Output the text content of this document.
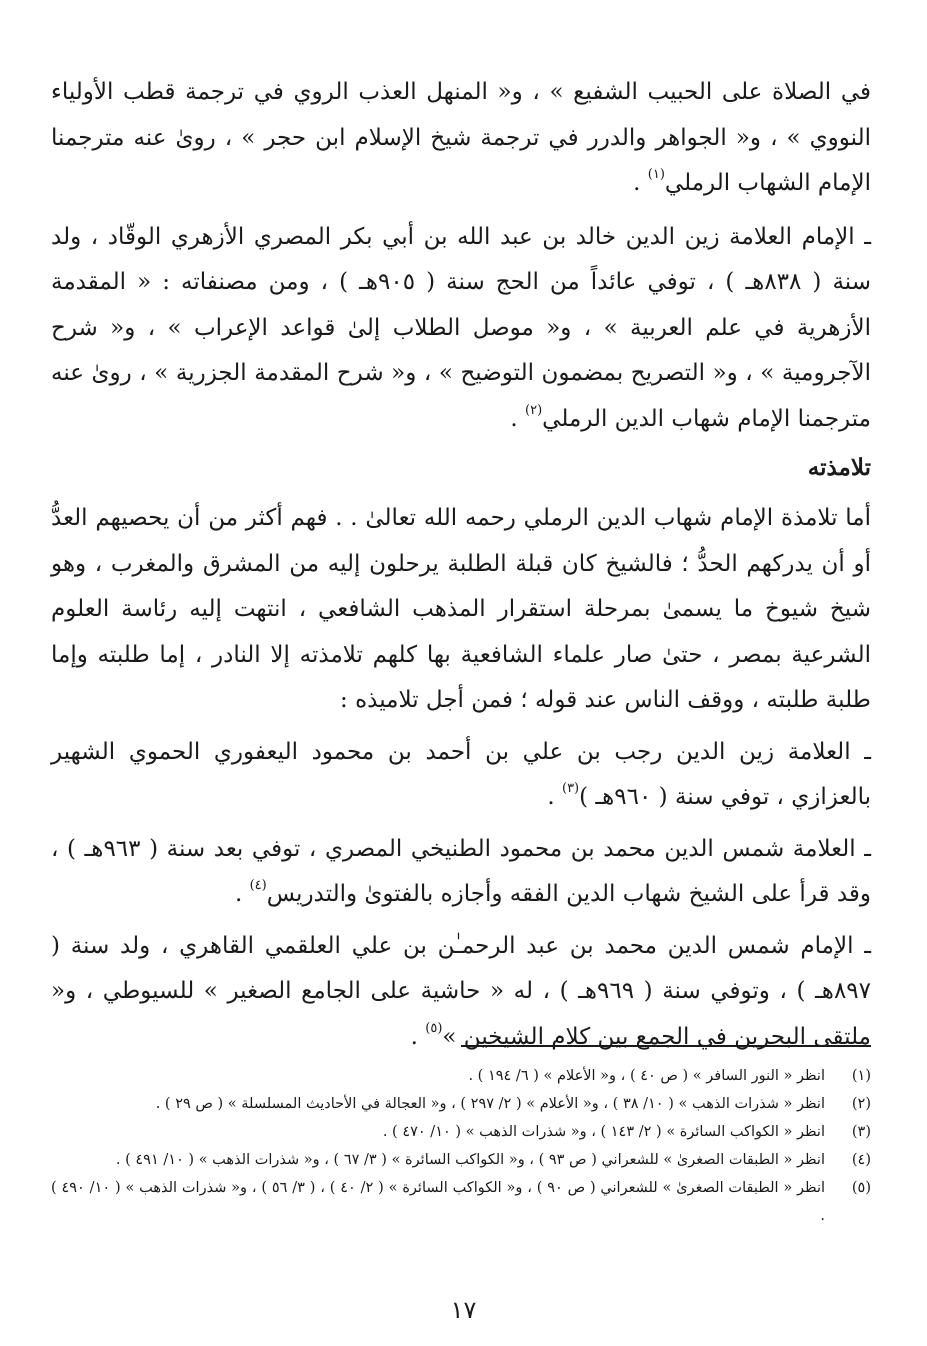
في الصلاة على الحبيب الشفيع » ، و« المنهل العذب الروي في ترجمة قطب الأولياء النووي » ، و« الجواهر والدرر في ترجمة شيخ الإسلام ابن حجر » ، روىٰ عنه مترجمنا الإمام الشهاب الرملي$^{(١)}$ .

ـ الإمام العلامة زين الدين خالد بن عبد الله بن أبي بكر المصري الأزهري الوقّاد ، ولد سنة ( ٨٣٨هـ ) ، توفي عائداً من الحج سنة ( ٩٠٥هـ ) ، ومن مصنفاته : « المقدمة الأزهرية في علم العربية » ، و« موصل الطلاب إلىٰ قواعد الإعراب » ، و« شرح الآجرومية » ، و« التصريح بمضمون التوضيح » ، و« شرح المقدمة الجزرية » ، روىٰ عنه مترجمنا الإمام شهاب الدين الرملي$^{(٢)}$ .

تلامذته

أما تلامذة الإمام شهاب الدين الرملي رحمه الله تعالىٰ . . فهم أكثر من أن يحصيهم العدُّ أو أن يدركهم الحدُّ ؛ فالشيخ كان قبلة الطلبة يرحلون إليه من المشرق والمغرب ، وهو شيخ شيوخ ما يسمىٰ بمرحلة استقرار المذهب الشافعي ، انتهت إليه رئاسة العلوم الشرعية بمصر ، حتىٰ صار علماء الشافعية بها كلهم تلامذته إلا النادر ، إما طلبته وإما طلبة طلبته ، ووقف الناس عند قوله ؛ فمن أجل تلاميذه :

ـ العلامة زين الدين رجب بن علي بن أحمد بن محمود اليعفوري الحموي الشهير بالعزازي ، توفي سنة ( ٩٦٠هـ )$^{(٣)}$ .

ـ العلامة شمس الدين محمد بن محمود الطنيخي المصري ، توفي بعد سنة ( ٩٦٣هـ ) ، وقد قرأ على الشيخ شهاب الدين الفقه وأجازه بالفتوىٰ والتدريس$^{(٤)}$ .

ـ الإمام شمس الدين محمد بن عبد الرحمـٰن بن علي العلقمي القاهري ، ولد سنة ( ٨٩٧هـ ) ، وتوفي سنة ( ٩٦٩هـ ) ، له « حاشية على الجامع الصغير » للسيوطي ، و« ملتقى البحرين في الجمع بين كلام الشيخين »$^{(٥)}$ .

(١)
انظر « النور السافر » ( ص ٤٠ ) ، و« الأعلام » ( ٦/ ١٩٤ ) .
(٢)
انظر « شذرات الذهب » ( ١٠/ ٣٨ ) ، و« الأعلام » ( ٢/ ٢٩٧ ) ، و« العجالة في الأحاديث المسلسلة » ( ص ٢٩ ) .
(٣)
انظر « الكواكب السائرة » ( ٢/ ١٤٣ ) ، و« شذرات الذهب » ( ١٠/ ٤٧٠ ) .
(٤)
انظر « الطبقات الصغرىٰ » للشعراني ( ص ٩٣ ) ، و« الكواكب السائرة » ( ٣/ ٦٧ ) ، و« شذرات الذهب » ( ١٠/ ٤٩١ ) .
(٥)
انظر « الطبقات الصغرىٰ » للشعراني ( ص ٩٠ ) ، و« الكواكب السائرة » ( ٢/ ٤٠ ) ، ( ٣/ ٥٦ ) ، و« شذرات الذهب » ( ١٠/ ٤٩٠ ) .
١٧
